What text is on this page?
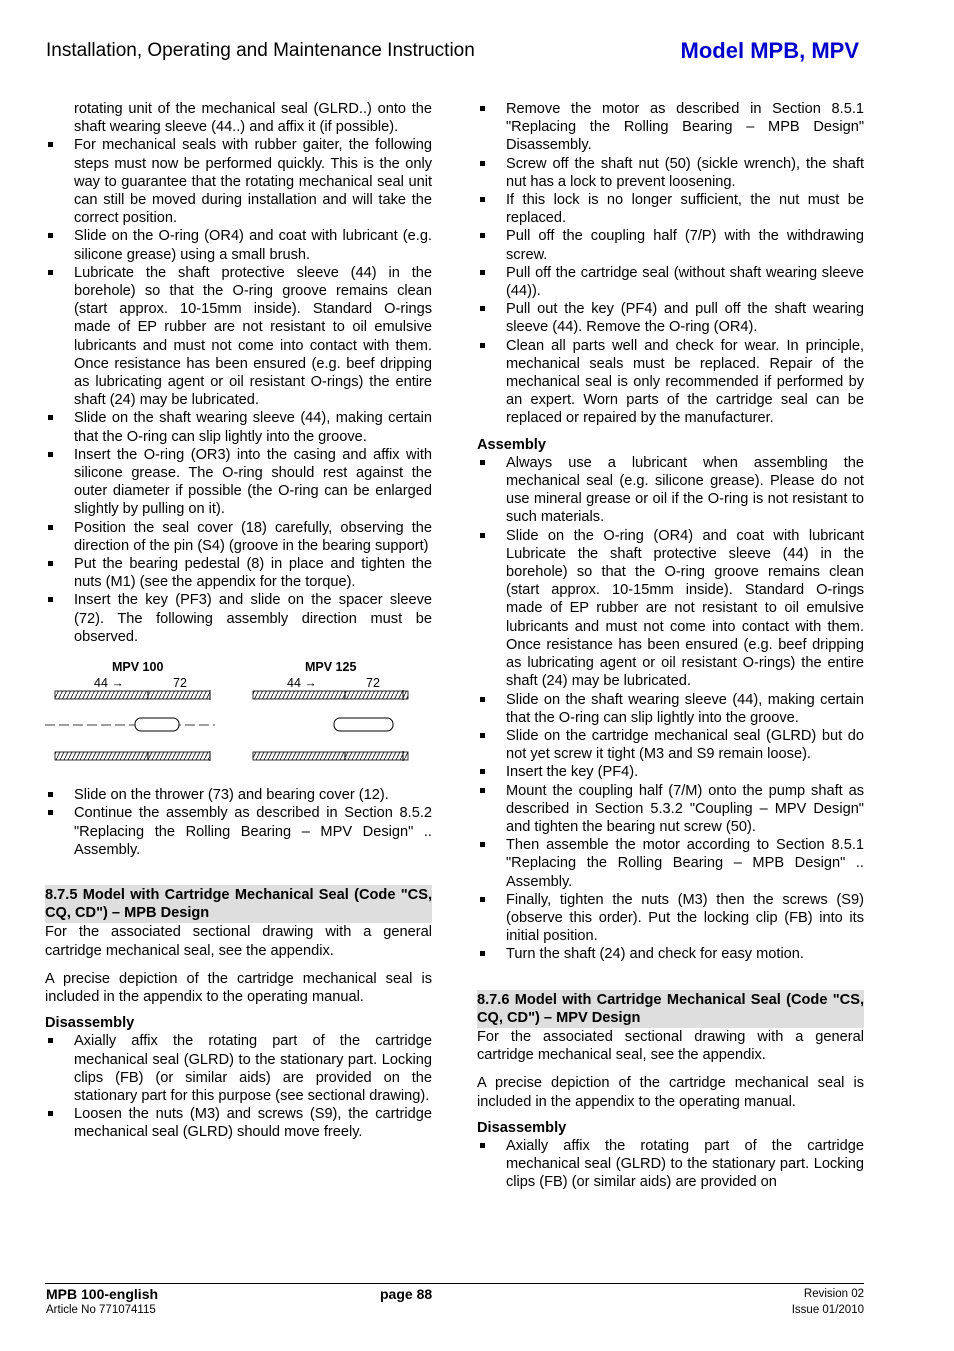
Installation, Operating and Maintenance Instruction	Model MPB, MPV

rotating unit of the mechanical seal (GLRD..) onto the shaft wearing sleeve (44..) and affix it (if possible).

For mechanical seals with rubber gaiter, the following steps must now be performed quickly. This is the only way to guarantee that the rotating mechanical seal unit can still be moved during installation and will take the correct position.
Slide on the O-ring (OR4) and coat with lubricant (e.g. silicone grease) using a small brush.
Lubricate the shaft protective sleeve (44) in the borehole) so that the O-ring groove remains clean (start approx. 10-15mm inside). Standard O-rings made of EP rubber are not resistant to oil emulsive lubricants and must not come into contact with them. Once resistance has been ensured (e.g. beef dripping as lubricating agent or oil resistant O-rings) the entire shaft (24) may be lubricated.
Slide on the shaft wearing sleeve (44), making certain that the O-ring can slip lightly into the groove.
Insert the O-ring (OR3) into the casing and affix with silicone grease. The O-ring should rest against the outer diameter if possible (the O-ring can be enlarged slightly by pulling on it).
Position the seal cover (18) carefully, observing the direction of the pin (S4) (groove in the bearing support)
Put the bearing pedestal (8) in place and tighten the nuts (M1) (see the appendix for the torque).
Insert the key (PF3) and slide on the spacer sleeve (72). The following assembly direction must be observed.
MPV 100	MPV 125
44 →	72	44 →	72
Slide on the thrower (73) and bearing cover (12).
Continue the assembly as described in Section 8.5.2 "Replacing the Rolling Bearing – MPV Design" .. Assembly.

8.7.5 Model with Cartridge Mechanical Seal (Code "CS, CQ, CD") – MPB Design

For the associated sectional drawing with a general cartridge mechanical seal, see the appendix.

A precise depiction of the cartridge mechanical seal is included in the appendix to the operating manual.

Disassembly

Axially affix the rotating part of the cartridge mechanical seal (GLRD) to the stationary part. Locking clips (FB) (or similar aids) are provided on the stationary part for this purpose (see sectional drawing).
Loosen the nuts (M3) and screws (S9), the cartridge mechanical seal (GLRD) should move freely.
Remove the motor as described in Section 8.5.1 "Replacing the Rolling Bearing – MPB Design" Disassembly.
Screw off the shaft nut (50) (sickle wrench), the shaft nut has a lock to prevent loosening.
If this lock is no longer sufficient, the nut must be replaced.
Pull off the coupling half (7/P) with the withdrawing screw.
Pull off the cartridge seal (without shaft wearing sleeve (44)).
Pull out the key (PF4) and pull off the shaft wearing sleeve (44). Remove the O-ring (OR4).
Clean all parts well and check for wear. In principle, mechanical seals must be replaced. Repair of the mechanical seal is only recommended if performed by an expert. Worn parts of the cartridge seal can be replaced or repaired by the manufacturer.

Assembly

Always use a lubricant when assembling the mechanical seal (e.g. silicone grease). Please do not use mineral grease or oil if the O-ring is not resistant to such materials.
Slide on the O-ring (OR4) and coat with lubricant Lubricate the shaft protective sleeve (44) in the borehole) so that the O-ring groove remains clean (start approx. 10-15mm inside). Standard O-rings made of EP rubber are not resistant to oil emulsive lubricants and must not come into contact with them. Once resistance has been ensured (e.g. beef dripping as lubricating agent or oil resistant O-rings) the entire shaft (24) may be lubricated.
Slide on the shaft wearing sleeve (44), making certain that the O-ring can slip lightly into the groove.
Slide on the cartridge mechanical seal (GLRD) but do not yet screw it tight (M3 and S9 remain loose).
Insert the key (PF4).
Mount the coupling half (7/M) onto the pump shaft as described in Section 5.3.2 "Coupling – MPV Design" and tighten the bearing nut screw (50).
Then assemble the motor according to Section 8.5.1 "Replacing the Rolling Bearing – MPB Design" .. Assembly.
Finally, tighten the nuts (M3) then the screws (S9) (observe this order). Put the locking clip (FB) into its initial position.
Turn the shaft (24) and check for easy motion.

8.7.6 Model with Cartridge Mechanical Seal (Code "CS, CQ, CD") – MPV Design

For the associated sectional drawing with a general cartridge mechanical seal, see the appendix.

A precise depiction of the cartridge mechanical seal is included in the appendix to the operating manual.

Disassembly

Axially affix the rotating part of the cartridge mechanical seal (GLRD) to the stationary part. Locking clips (FB) (or similar aids) are provided on
MPB 100-english
Article No 771074115
page 88	Revision 02
Issue 01/2010
